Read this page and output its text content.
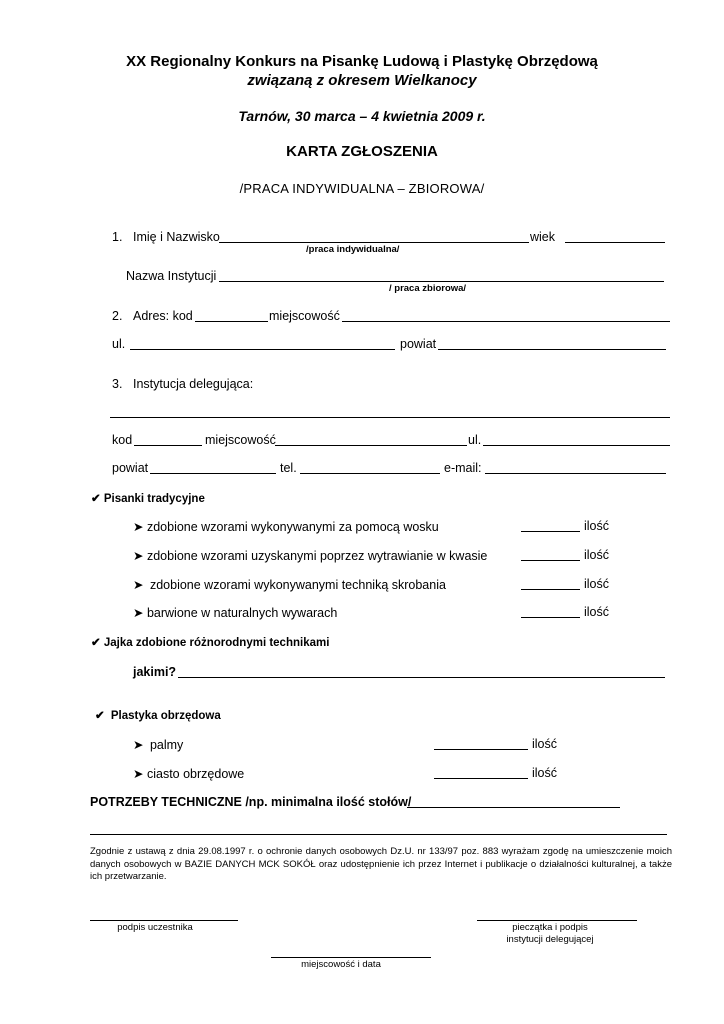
XX Regionalny Konkurs na Pisankę Ludową i Plastykę Obrzędową
związaną z okresem Wielkanocy
Tarnów, 30 marca – 4 kwietnia 2009 r.
KARTA ZGŁOSZENIA
/PRACA INDYWIDUALNA – ZBIOROWA/
1. Imię i Nazwisko	wiek
/praca indywidualna/
Nazwa Instytucji
/ praca zbiorowa/
2. Adres: kod	miejscowość
ul.	powiat
3. Instytucja delegująca:
kod	miejscowość	ul.
powiat	tel.	e-mail:
✔ Pisanki tradycyjne
➤ zdobione wzorami wykonywanymi za pomocą wosku	ilość
➤ zdobione wzorami uzyskanymi poprzez wytrawianie w kwasie	ilość
➤ zdobione wzorami wykonywanymi techniką skrobania	ilość
➤ barwione w naturalnych wywarach	ilość
✔ Jajka zdobione różnorodnymi technikami
jakimi?
✔ Plastyka obrzędowa
➤ palmy	ilość
➤ ciasto obrzędowe	ilość
POTRZEBY TECHNICZNE /np. minimalna ilość stołów/
Zgodnie z ustawą z dnia 29.08.1997 r. o ochronie danych osobowych Dz.U. nr 133/97 poz. 883 wyrażam zgodę na umieszczenie moich danych osobowych w BAZIE DANYCH MCK SOKÓŁ oraz udostępnienie ich przez Internet i publikacje o działalności kulturalnej, a także ich przetwarzanie.
podpis uczestnika	pieczątka i podpis
instytucji delegującej
miejscowość i data
